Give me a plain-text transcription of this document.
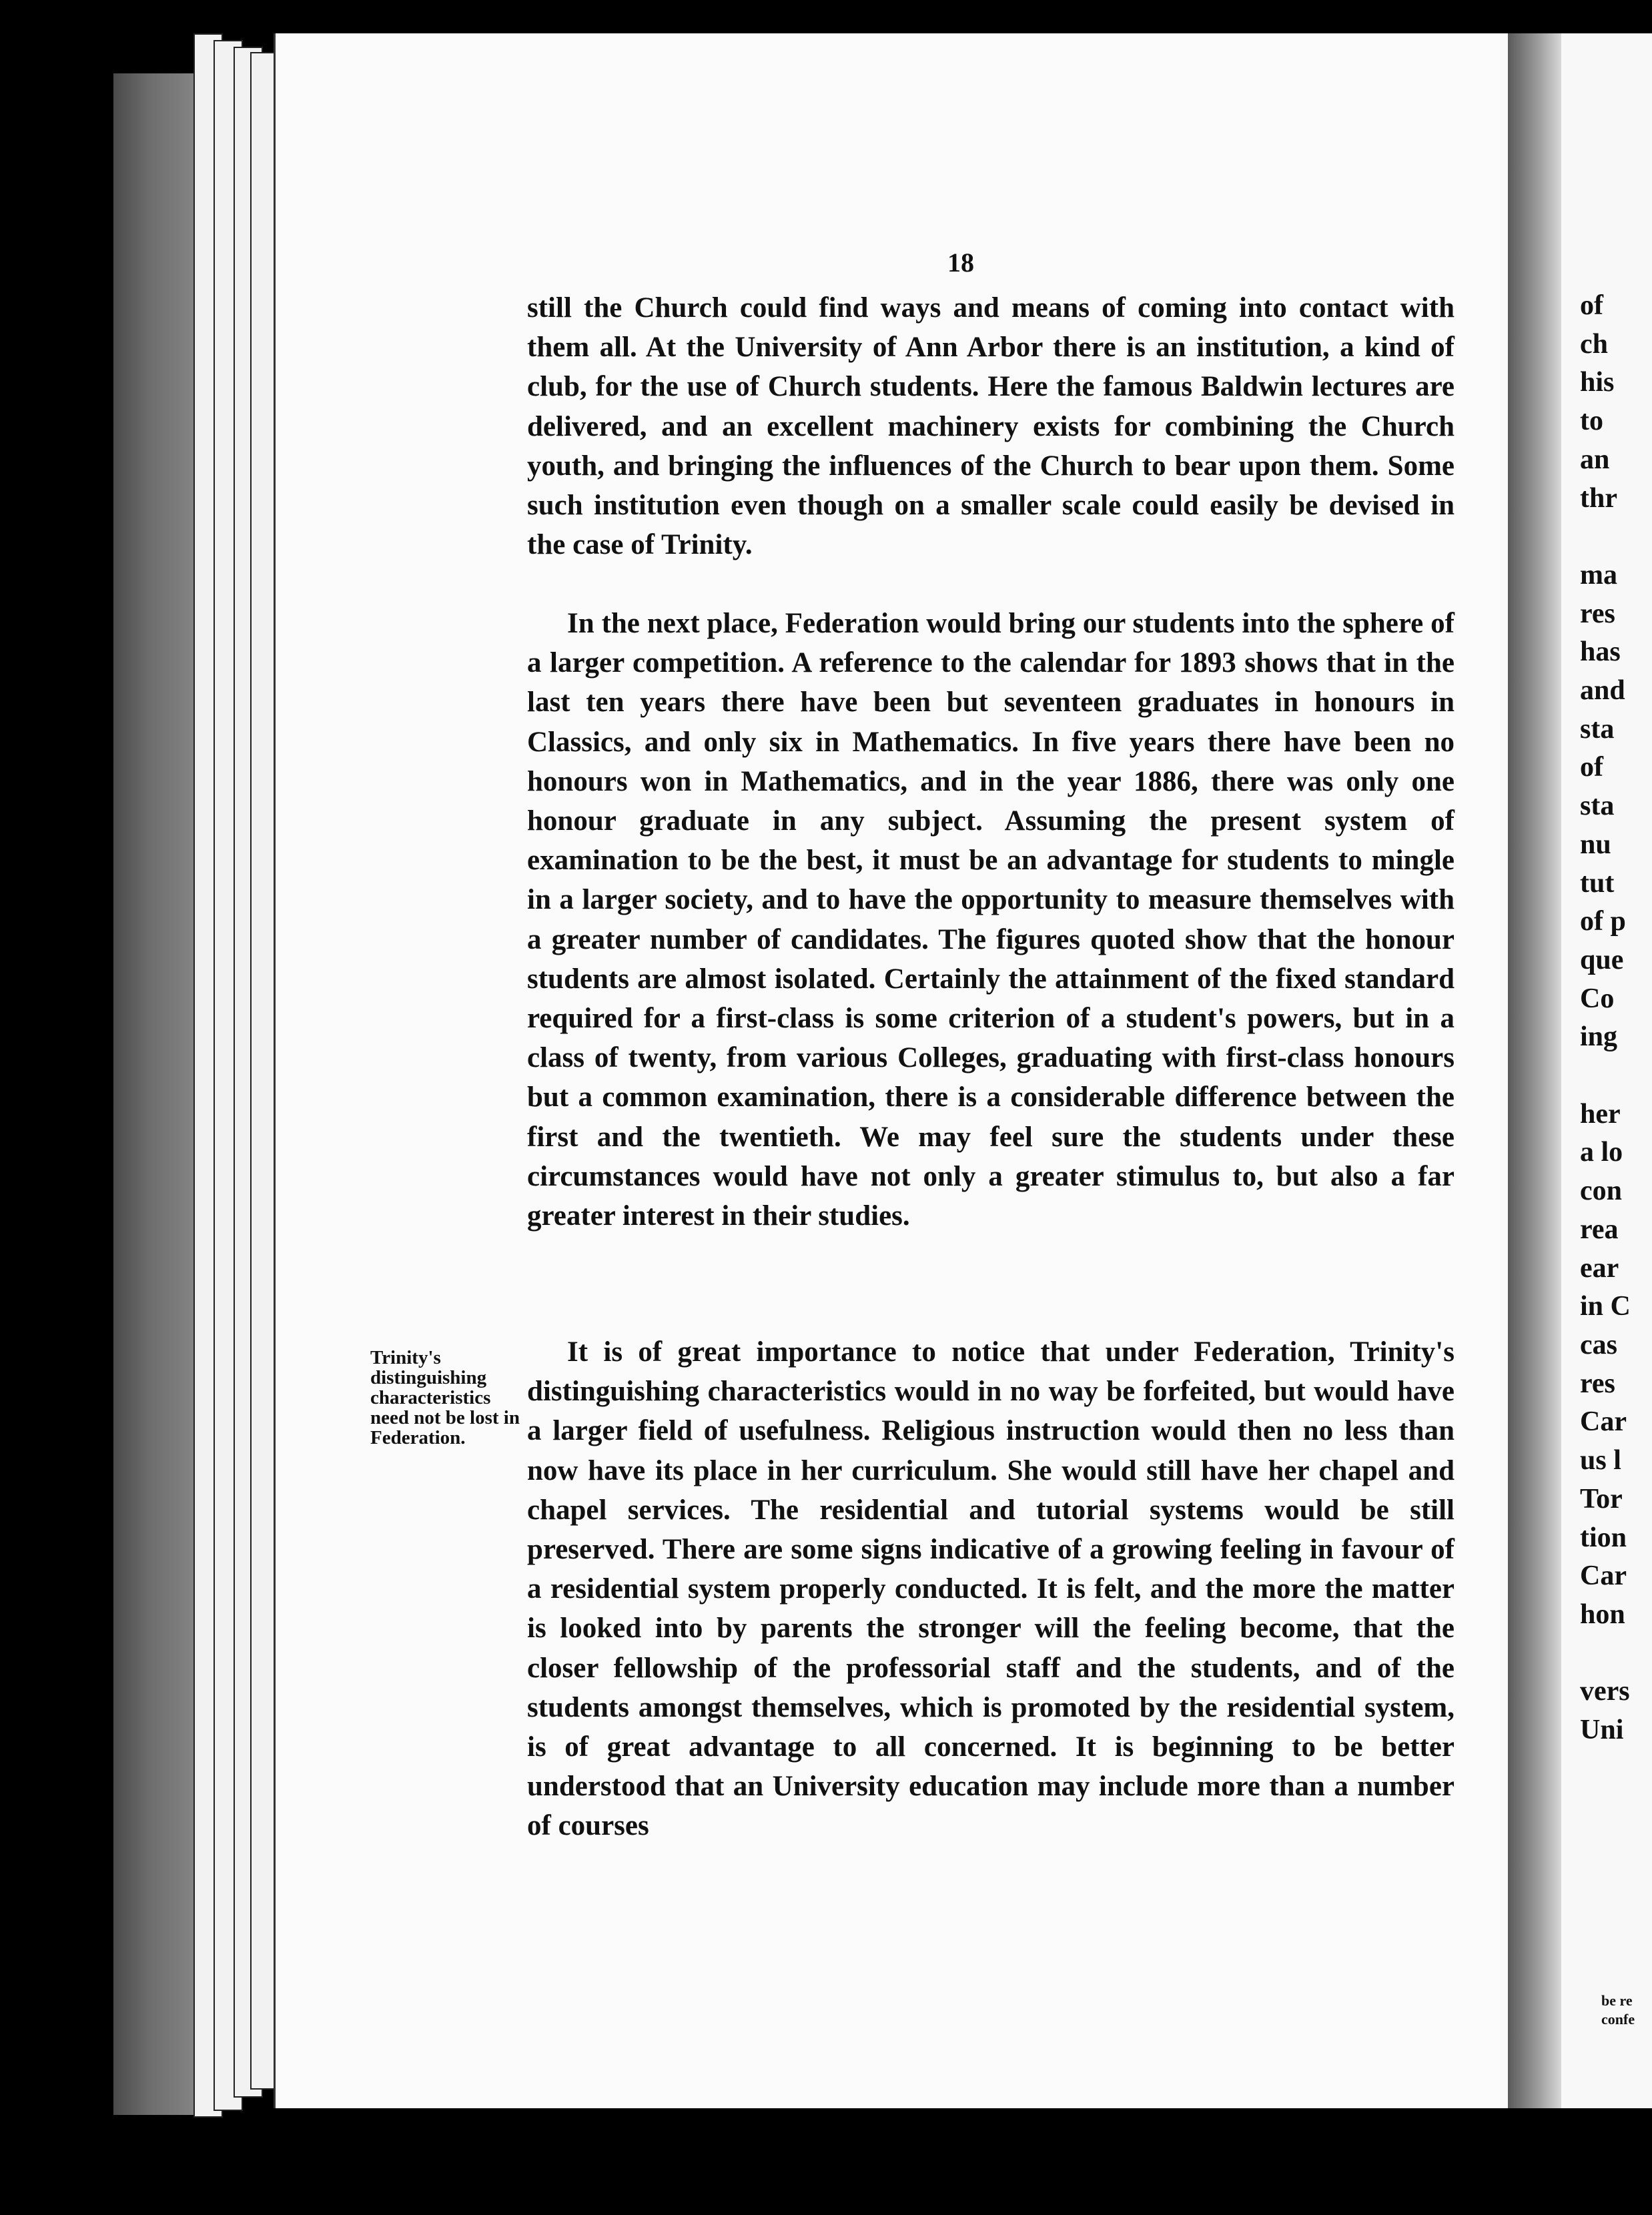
18

still the Church could find ways and means of coming into contact with them all. At the University of Ann Arbor there is an institution, a kind of club, for the use of Church students. Here the famous Baldwin lectures are delivered, and an excellent machinery exists for combining the Church youth, and bringing the influences of the Church to bear upon them. Some such institution even though on a smaller scale could easily be devised in the case of Trinity.

In the next place, Federation would bring our students into the sphere of a larger competition. A reference to the calendar for 1893 shows that in the last ten years there have been but seventeen graduates in honours in Classics, and only six in Mathematics. In five years there have been no honours won in Mathematics, and in the year 1886, there was only one honour graduate in any subject. Assuming the present system of examination to be the best, it must be an advantage for students to mingle in a larger society, and to have the opportunity to measure themselves with a greater number of candidates. The figures quoted show that the honour students are almost isolated. Certainly the attainment of the fixed standard required for a first-class is some criterion of a student's powers, but in a class of twenty, from various Colleges, graduating with first-class honours but a common examination, there is a considerable difference between the first and the twentieth. We may feel sure the students under these circumstances would have not only a greater stimulus to, but also a far greater interest in their studies.

Trinity's distinguishing characteristics need not be lost in Federation.

It is of great importance to notice that under Federation, Trinity's distinguishing characteristics would in no way be forfeited, but would have a larger field of usefulness. Religious instruction would then no less than now have its place in her curriculum. She would still have her chapel and chapel services. The residential and tutorial systems would be still preserved. There are some signs indicative of a growing feeling in favour of a residential system properly conducted. It is felt, and the more the matter is looked into by parents the stronger will the feeling become, that the closer fellowship of the professorial staff and the students, and of the students amongst themselves, which is promoted by the residential system, is of great advantage to all concerned. It is beginning to be better understood that an University education may include more than a number of courses

of
ch
his
to
an
thr

ma
res
has
and
sta
of
sta
nu
tut
of p
que
Co
ing

her
a lo
con
rea
ear
in C
cas
res
Car
us l
Tor
tion
Car
hon

vers
Uni
be re
confe
